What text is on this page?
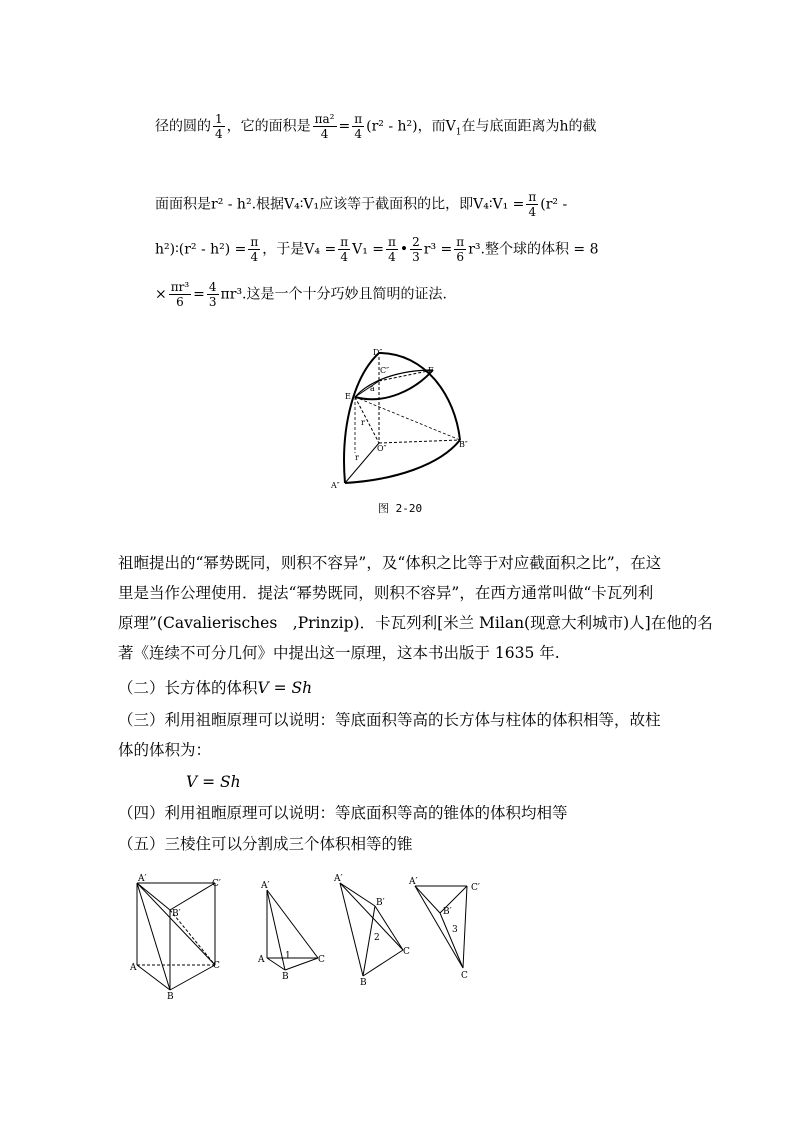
径的圆的 $\frac{1}{4}$ ，它的面积是 $\frac{\text{πa²}}{4} = \frac{\pi}{4} (r^2 - h^2)$，而$V_1$在与底面距离为h的截
面面积是r² - h².根据V₄∶V₁应该等于截面积的比，即V₄∶V₁ = $\frac{\pi}{4} (r^2$ -
h²)∶(r² - $h^2) = \frac{\pi}{4}$ ，于是$V_4 = \frac{\pi}{4} V_1 = \frac{\pi}{4}$ • $\frac{2}{3} r^3 = \frac{\pi}{6} r^3$.整个球的体积 = 8
× $\frac{\text{πr³}}{6} = \frac{4}{3} \pi r^3$.这是一个十分巧妙且简明的证法.
D″
C″	F
E
a
r
O″	B″
r
A″
图 2-20
祖暅提出的“幂势既同，则积不容异”，及“体积之比等于对应截面积之比”，在这
里是当作公理使用．提法“幂势既同，则积不容异”，在西方通常叫做“卡瓦列利
原理”(Cavalierisches　,Prinzip)．卡瓦列利[米兰 Milan(现意大利城市)人]在他的名
著《连续不可分几何》中提出这一原理，这本书出版于 1635 年.
（二）长方体的体积V = Sh
（三）利用祖暅原理可以说明：等底面积等高的长方体与柱体的体积相等，故柱
体的体积为：
V = Sh
（四）利用祖暅原理可以说明：等底面积等高的锥体的体积均相等
（五）三棱住可以分割成三个体积相等的锥
A′	C′
B′
A	C
B
A′
A
B
C
1
A′
B′
C
B
2
A′
C′
B′
C
3
